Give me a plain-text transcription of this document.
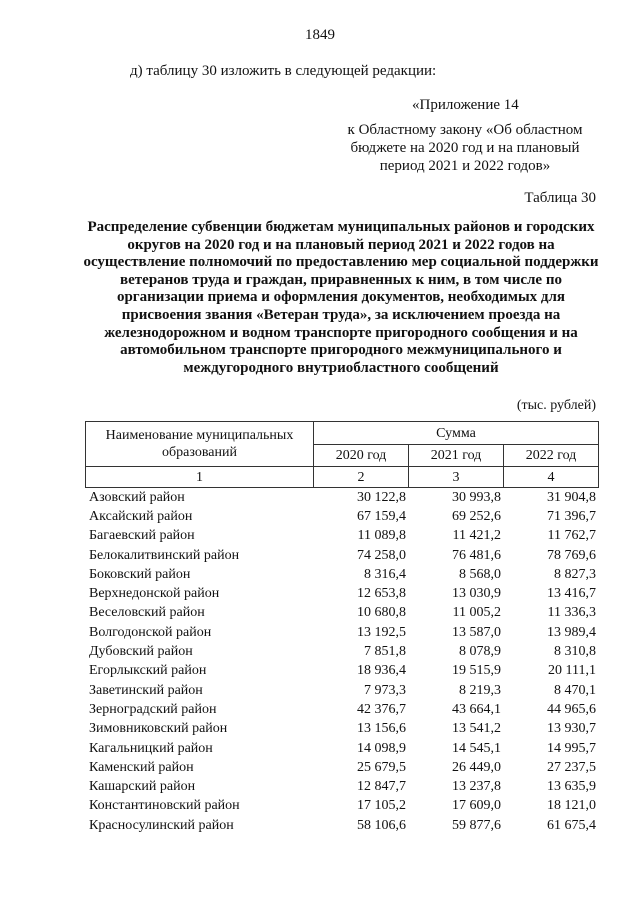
1849
д) таблицу 30 изложить в следующей редакции:
«Приложение 14
к Областному закону «Об областном бюджете на 2020 год и на плановый период 2021 и 2022 годов»
Таблица 30
Распределение субвенции бюджетам муниципальных районов и городских округов на 2020 год и на плановый период 2021 и 2022 годов на осуществление полномочий по предоставлению мер социальной поддержки ветеранов труда и граждан, приравненных к ним, в том числе по организации приема и оформления документов, необходимых для присвоения звания «Ветеран труда», за исключением проезда на железнодорожном и водном транспорте пригородного сообщения и на автомобильном транспорте пригородного межмуниципального и междугородного внутриобластного сообщений
(тыс. рублей)
Наименование муниципальных образований
Сумма
2020 год	2021 год	2022 год
1	2	3	4
Азовский район	30 122,8	30 993,8	31 904,8
Аксайский район	67 159,4	69 252,6	71 396,7
Багаевский район	11 089,8	11 421,2	11 762,7
Белокалитвинский район	74 258,0	76 481,6	78 769,6
Боковский район	8 316,4	8 568,0	8 827,3
Верхнедонской район	12 653,8	13 030,9	13 416,7
Веселовский район	10 680,8	11 005,2	11 336,3
Волгодонской район	13 192,5	13 587,0	13 989,4
Дубовский район	7 851,8	8 078,9	8 310,8
Егорлыкский район	18 936,4	19 515,9	20 111,1
Заветинский район	7 973,3	8 219,3	8 470,1
Зерноградский район	42 376,7	43 664,1	44 965,6
Зимовниковский район	13 156,6	13 541,2	13 930,7
Кагальницкий район	14 098,9	14 545,1	14 995,7
Каменский район	25 679,5	26 449,0	27 237,5
Кашарский район	12 847,7	13 237,8	13 635,9
Константиновский район	17 105,2	17 609,0	18 121,0
Красносулинский район	58 106,6	59 877,6	61 675,4
